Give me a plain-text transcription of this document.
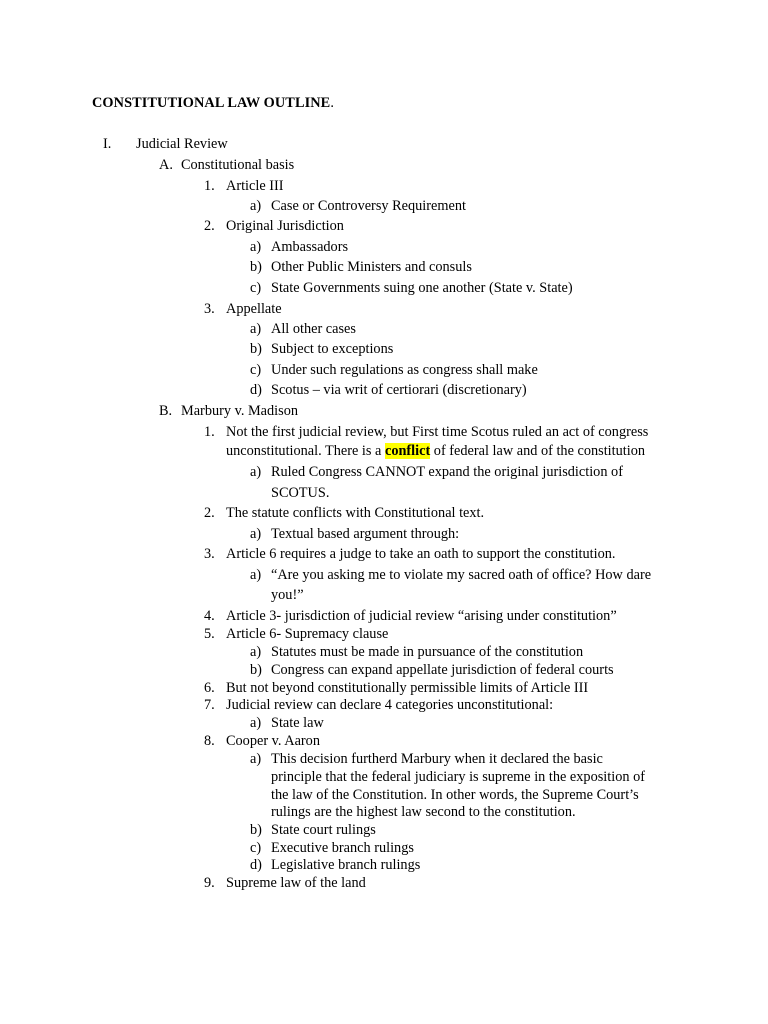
CONSTITUTIONAL LAW OUTLINE.
I. Judicial Review
A. Constitutional basis
1. Article III
a) Case or Controversy Requirement
2. Original Jurisdiction
a) Ambassadors
b) Other Public Ministers and consuls
c) State Governments suing one another (State v. State)
3. Appellate
a) All other cases
b) Subject to exceptions
c) Under such regulations as congress shall make
d) Scotus – via writ of certiorari (discretionary)
B. Marbury v. Madison
1. Not the first judicial review, but First time Scotus ruled an act of congress
unconstitutional. There is a conflict of federal law and of the constitution
a) Ruled Congress CANNOT expand the original jurisdiction of
SCOTUS.
2. The statute conflicts with Constitutional text.
a) Textual based argument through:
3. Article 6 requires a judge to take an oath to support the constitution.
a) “Are you asking me to violate my sacred oath of office? How dare
you!”
4. Article 3- jurisdiction of judicial review “arising under constitution”
5. Article 6- Supremacy clause
a) Statutes must be made in pursuance of the constitution
b) Congress can expand appellate jurisdiction of federal courts
6. But not beyond constitutionally permissible limits of Article III
7. Judicial review can declare 4 categories unconstitutional:
a) State law
8. Cooper v. Aaron
a) This decision furtherd Marbury when it declared the basic
principle that the federal judiciary is supreme in the exposition of
the law of the Constitution. In other words, the Supreme Court’s
rulings are the highest law second to the constitution.
b) State court rulings
c) Executive branch rulings
d) Legislative branch rulings
9. Supreme law of the land
